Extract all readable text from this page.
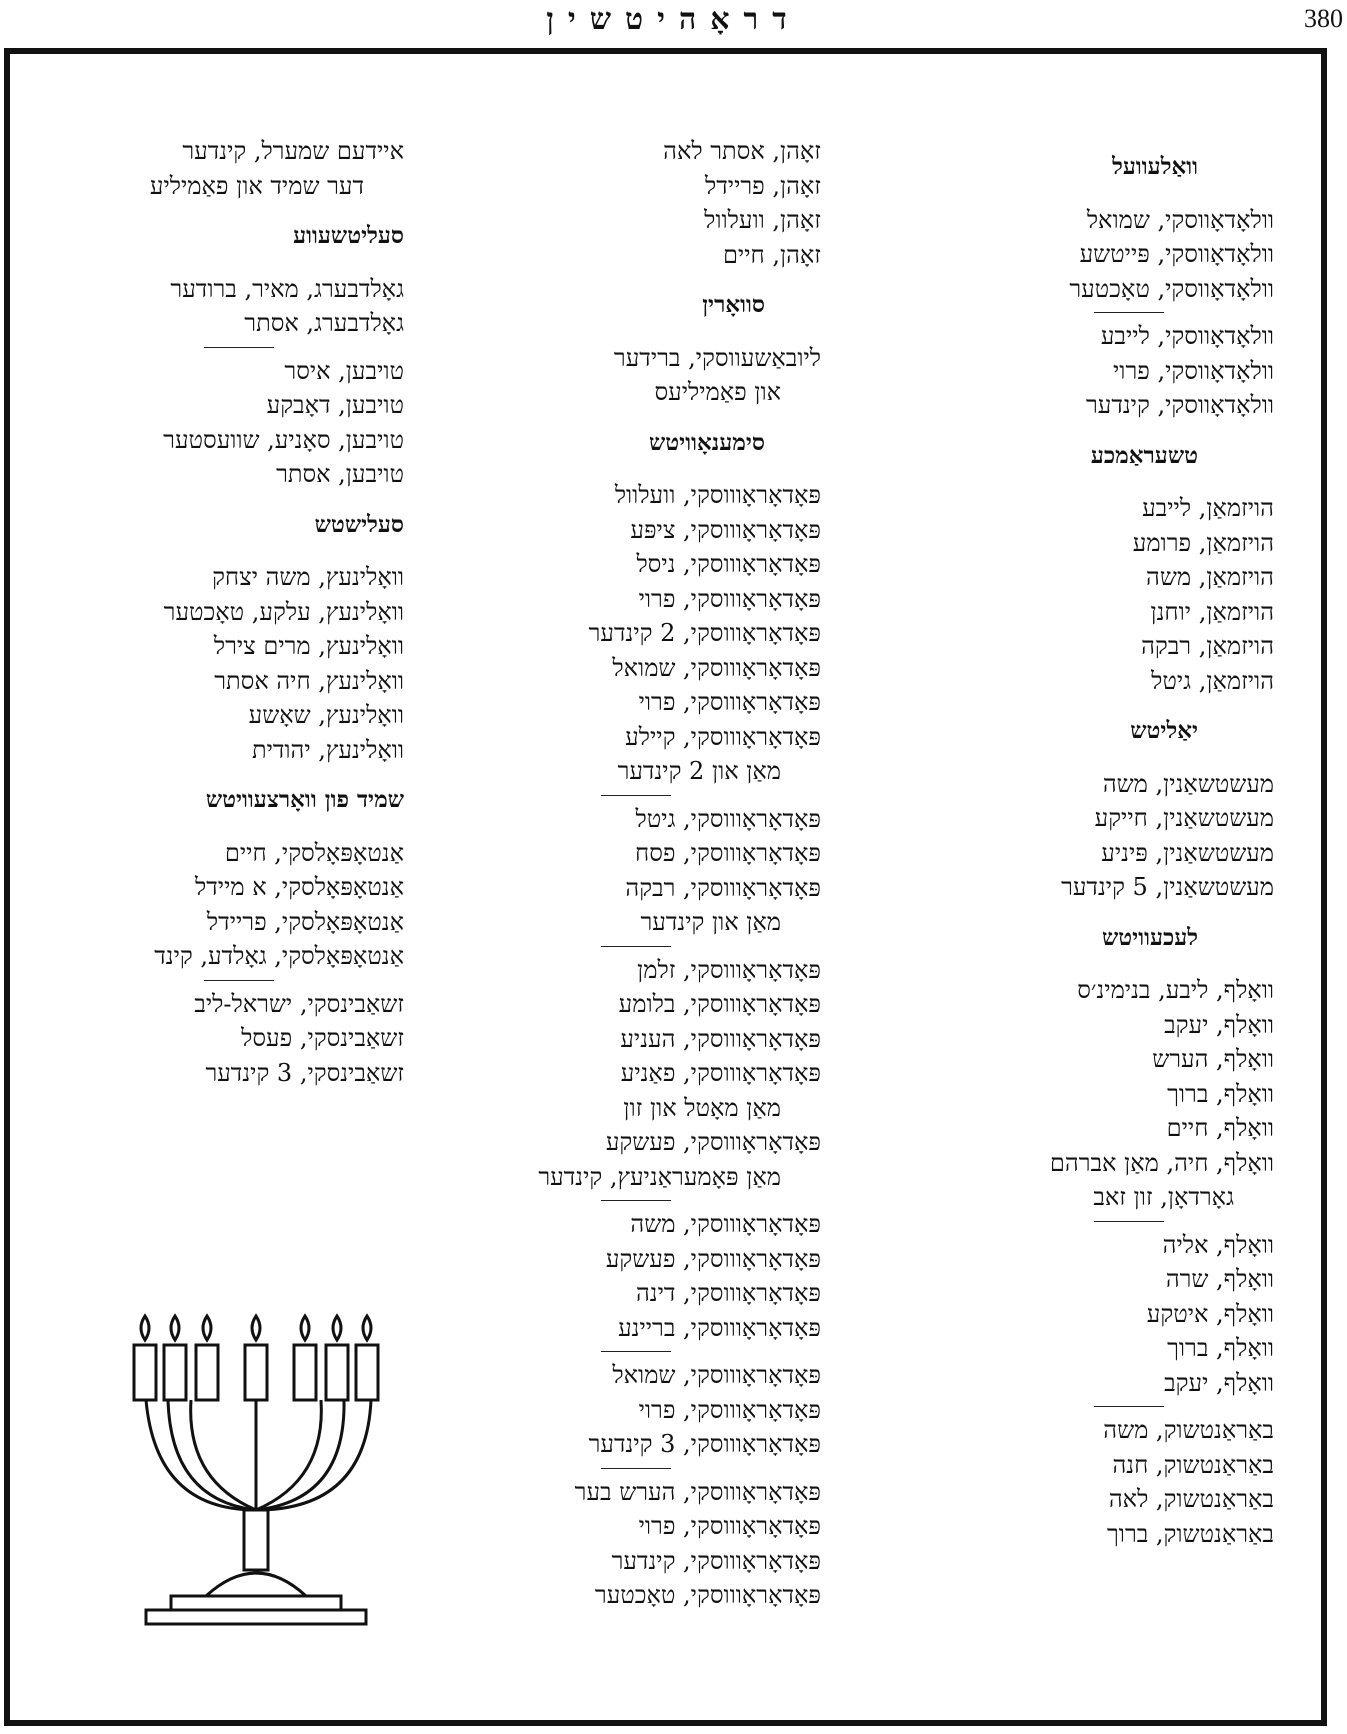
דראָהיטשין	380
וואַלעוועל
וולאָדאָווסקי, שמואל
וולאָדאָווסקי, פּייטשע
וולאָדאָווסקי, טאָכטער
וולאָדאָווסקי, לייבע
וולאָדאָווסקי, פרוי
וולאָדאָווסקי, קינדער
טשעראַמכע
הויזמאַן, לייבע
הויזמאַן, פרומע
הויזמאַן, משה
הויזמאַן, יוחנן
הויזמאַן, רבקה
הויזמאַן, גיטל
יאַליטש
מעשטשאַנין, משה
מעשטשאַנין, חייקע
מעשטשאַנין, פּיניע
מעשטשאַנין, 5 קינדער
לעכעוויטש
וואָלף, ליבע, בנימינ׳ס
וואָלף, יעקב
וואָלף, הערש
וואָלף, ברוך
וואָלף, חיים
וואָלף, חיה, מאַן אברהם
גאָרדאָן, זון זאב
וואָלף, אליה
וואָלף, שרה
וואָלף, איטקע
וואָלף, ברוך
וואָלף, יעקב
באַראַנטשוק, משה
באַראַנטשוק, חנה
באַראַנטשוק, לאה
באַראַנטשוק, ברוך
זאָהן, אסתר לאה
זאָהן, פריידל
זאָהן, וועלוול
זאָהן, חיים
סוואָרין
ליובאַשעווסקי, ברידער
און פאַמיליעס
סימענאָוויטש
פּאָדאָראָוווסקי, וועלוול
פּאָדאָראָוווסקי, ציפּע
פּאָדאָראָוווסקי, ניסל
פּאָדאָראָוווסקי, פרוי
פּאָדאָראָוווסקי, 2 קינדער
פּאָדאָראָוווסקי, שמואל
פּאָדאָראָוווסקי, פרוי
פּאָדאָראָוווסקי, קיילע
מאַן און 2 קינדער
פּאָדאָראָוווסקי, גיטל
פּאָדאָראָוווסקי, פסח
פּאָדאָראָוווסקי, רבקה
מאַן און קינדער
פּאָדאָראָוווסקי, זלמן
פּאָדאָראָוווסקי, בלומע
פּאָדאָראָוווסקי, העניע
פּאָדאָראָוווסקי, פאַניע
מאַן מאָטל און זון
פּאָדאָראָוווסקי, פעשקע
מאַן פּאָמעראַניעץ, קינדער
פּאָדאָראָוווסקי, משה
פּאָדאָראָוווסקי, פעשקע
פּאָדאָראָוווסקי, דינה
פּאָדאָראָוווסקי, בריינע
פּאָדאָראָוווסקי, שמואל
פּאָדאָראָוווסקי, פרוי
פּאָדאָראָוווסקי, 3 קינדער
פּאָדאָראָוווסקי, הערש בער
פּאָדאָראָוווסקי, פרוי
פּאָדאָראָוווסקי, קינדער
פּאָדאָראָוווסקי, טאָכטער
איידעם שמערל, קינדער
דער שמיד און פאַמיליע
סעליטשעווע
גאָלדבערג, מאיר, ברודער
גאָלדבערג, אסתר
טויבען, איסר
טויבען, דאָבקע
טויבען, סאָניע, שוועסטער
טויבען, אסתר
סעלישטש
וואָלינעץ, משה יצחק
וואָלינעץ, עלקע, טאָכטער
וואָלינעץ, מרים צירל
וואָלינעץ, חיה אסתר
וואָלינעץ, שאָשע
וואָלינעץ, יהודית
שמיד פון וואָרצעוויטש
אַנטאָפּאָלסקי, חיים
אַנטאָפּאָלסקי, א מיידל
אַנטאָפּאָלסקי, פריידל
אַנטאָפּאָלסקי, גאָלדע, קינד
זשאַבינסקי, ישראל-ליב
זשאַבינסקי, פעסל
זשאַבינסקי, 3 קינדער
